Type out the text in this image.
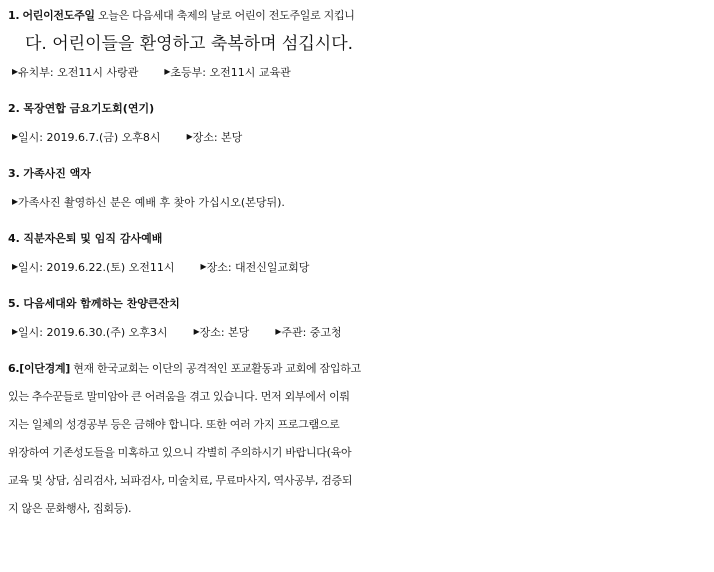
1. 어린이전도주일 오늘은 다음세대 축제의 날로 어린이 전도주일로 지킵니
다. 어린이들을 환영하고 축복하며 섬깁시다.
▸유치부: 오전11시 사랑관 ▸초등부: 오전11시 교육관
2. 목장연합 금요기도회(연기)
▸일시: 2019.6.7.(금) 오후8시 ▸장소: 본당
3. 가족사진 액자
▸가족사진 촬영하신 분은 예배 후 찾아 가십시오(본당뒤).
4. 직분자은퇴 및 임직 감사예배
▸일시: 2019.6.22.(토) 오전11시 ▸장소: 대전신일교회당
5. 다음세대와 함께하는 찬양큰잔치
▸일시: 2019.6.30.(주) 오후3시 ▸장소: 본당 ▸주관: 중고청
6.[이단경계] 현재 한국교회는 이단의 공격적인 포교활동과 교회에 잠입하고
있는 추수꾼들로 말미암아 큰 어려움을 겪고 있습니다. 먼저 외부에서 이뤄
지는 일체의 성경공부 등은 금해야 합니다. 또한 여러 가지 프로그램으로
위장하여 기존성도들을 미혹하고 있으니 각별히 주의하시기 바랍니다(육아
교육 및 상담, 심리검사, 뇌파검사, 미술치료, 무료마사지, 역사공부, 검증되
지 않은 문화행사, 집회등).
